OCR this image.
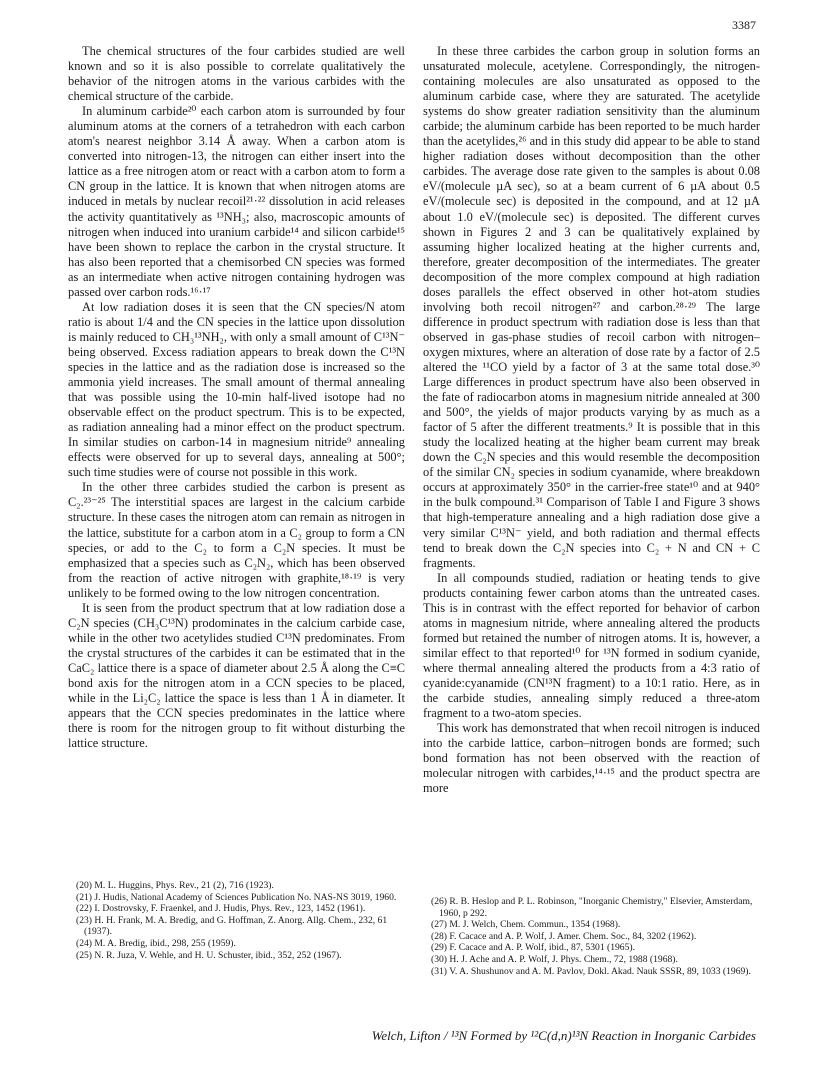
3387

The chemical structures of the four carbides studied are well known and so it is also possible to correlate qualitatively the behavior of the nitrogen atoms in the various carbides with the chemical structure of the carbide.

In aluminum carbide²⁰ each carbon atom is surrounded by four aluminum atoms at the corners of a tetrahedron with each carbon atom's nearest neighbor 3.14 Å away. When a carbon atom is converted into nitrogen-13, the nitrogen can either insert into the lattice as a free nitrogen atom or react with a carbon atom to form a CN group in the lattice. It is known that when nitrogen atoms are induced in metals by nuclear recoil²¹·²² dissolution in acid releases the activity quantitatively as ¹³NH₃; also, macroscopic amounts of nitrogen when induced into uranium carbide¹⁴ and silicon carbide¹⁵ have been shown to replace the carbon in the crystal structure. It has also been reported that a chemisorbed CN species was formed as an intermediate when active nitrogen containing hydrogen was passed over carbon rods.¹⁶·¹⁷

At low radiation doses it is seen that the CN species/N atom ratio is about 1/4 and the CN species in the lattice upon dissolution is mainly reduced to CH₃¹³NH₂, with only a small amount of C¹³N⁻ being observed. Excess radiation appears to break down the C¹³N species in the lattice and as the radiation dose is increased so the ammonia yield increases. The small amount of thermal annealing that was possible using the 10-min half-lived isotope had no observable effect on the product spectrum. This is to be expected, as radiation annealing had a minor effect on the product spectrum. In similar studies on carbon-14 in magnesium nitride⁹ annealing effects were observed for up to several days, annealing at 500°; such time studies were of course not possible in this work.

In the other three carbides studied the carbon is present as C₂.²³⁻²⁵ The interstitial spaces are largest in the calcium carbide structure. In these cases the nitrogen atom can remain as nitrogen in the lattice, substitute for a carbon atom in a C₂ group to form a CN species, or add to the C₂ to form a C₂N species. It must be emphasized that a species such as C₂N₂, which has been observed from the reaction of active nitrogen with graphite,¹⁸·¹⁹ is very unlikely to be formed owing to the low nitrogen concentration.

It is seen from the product spectrum that at low radiation dose a C₂N species (CH₃C¹³N) prodominates in the calcium carbide case, while in the other two acetylides studied C¹³N predominates. From the crystal structures of the carbides it can be estimated that in the CaC₂ lattice there is a space of diameter about 2.5 Å along the C≡C bond axis for the nitrogen atom in a CCN species to be placed, while in the Li₂C₂ lattice the space is less than 1 Å in diameter. It appears that the CCN species predominates in the lattice where there is room for the nitrogen group to fit without disturbing the lattice structure.

In these three carbides the carbon group in solution forms an unsaturated molecule, acetylene. Correspondingly, the nitrogen-containing molecules are also unsaturated as opposed to the aluminum carbide case, where they are saturated. The acetylide systems do show greater radiation sensitivity than the aluminum carbide; the aluminum carbide has been reported to be much harder than the acetylides,²⁶ and in this study did appear to be able to stand higher radiation doses without decomposition than the other carbides. The average dose rate given to the samples is about 0.08 eV/(molecule µA sec), so at a beam current of 6 µA about 0.5 eV/(molecule sec) is deposited in the compound, and at 12 µA about 1.0 eV/(molecule sec) is deposited. The different curves shown in Figures 2 and 3 can be qualitatively explained by assuming higher localized heating at the higher currents and, therefore, greater decomposition of the intermediates. The greater decomposition of the more complex compound at high radiation doses parallels the effect observed in other hot-atom studies involving both recoil nitrogen²⁷ and carbon.²⁸·²⁹ The large difference in product spectrum with radiation dose is less than that observed in gas-phase studies of recoil carbon with nitrogen–oxygen mixtures, where an alteration of dose rate by a factor of 2.5 altered the ¹¹CO yield by a factor of 3 at the same total dose.³⁰ Large differences in product spectrum have also been observed in the fate of radiocarbon atoms in magnesium nitride annealed at 300 and 500°, the yields of major products varying by as much as a factor of 5 after the different treatments.⁹ It is possible that in this study the localized heating at the higher beam current may break down the C₂N species and this would resemble the decomposition of the similar CN₂ species in sodium cyanamide, where breakdown occurs at approximately 350° in the carrier-free state¹⁰ and at 940° in the bulk compound.³¹ Comparison of Table I and Figure 3 shows that high-temperature annealing and a high radiation dose give a very similar C¹³N⁻ yield, and both radiation and thermal effects tend to break down the C₂N species into C₂ + N and CN + C fragments.

In all compounds studied, radiation or heating tends to give products containing fewer carbon atoms than the untreated cases. This is in contrast with the effect reported for behavior of carbon atoms in magnesium nitride, where annealing altered the products formed but retained the number of nitrogen atoms. It is, however, a similar effect to that reported¹⁰ for ¹³N formed in sodium cyanide, where thermal annealing altered the products from a 4:3 ratio of cyanide:cyanamide (CN¹³N fragment) to a 10:1 ratio. Here, as in the carbide studies, annealing simply reduced a three-atom fragment to a two-atom species.

This work has demonstrated that when recoil nitrogen is induced into the carbide lattice, carbon–nitrogen bonds are formed; such bond formation has not been observed with the reaction of molecular nitrogen with carbides,¹⁴·¹⁵ and the product spectra are more

(20) M. L. Huggins, Phys. Rev., 21 (2), 716 (1923).

(21) J. Hudis, National Academy of Sciences Publication No. NAS-NS 3019, 1960.

(22) I. Dostrovsky, F. Fraenkel, and J. Hudis, Phys. Rev., 123, 1452 (1961).

(23) H. H. Frank, M. A. Bredig, and G. Hoffman, Z. Anorg. Allg. Chem., 232, 61 (1937).

(24) M. A. Bredig, ibid., 298, 255 (1959).

(25) N. R. Juza, V. Wehle, and H. U. Schuster, ibid., 352, 252 (1967).

(26) R. B. Heslop and P. L. Robinson, "Inorganic Chemistry," Elsevier, Amsterdam, 1960, p 292.

(27) M. J. Welch, Chem. Commun., 1354 (1968).

(28) F. Cacace and A. P. Wolf, J. Amer. Chem. Soc., 84, 3202 (1962).

(29) F. Cacace and A. P. Wolf, ibid., 87, 5301 (1965).

(30) H. J. Ache and A. P. Wolf, J. Phys. Chem., 72, 1988 (1968).

(31) V. A. Shushunov and A. M. Pavlov, Dokl. Akad. Nauk SSSR, 89, 1033 (1969).

Welch, Lifton / ¹³N Formed by ¹²C(d,n)¹³N Reaction in Inorganic Carbides
